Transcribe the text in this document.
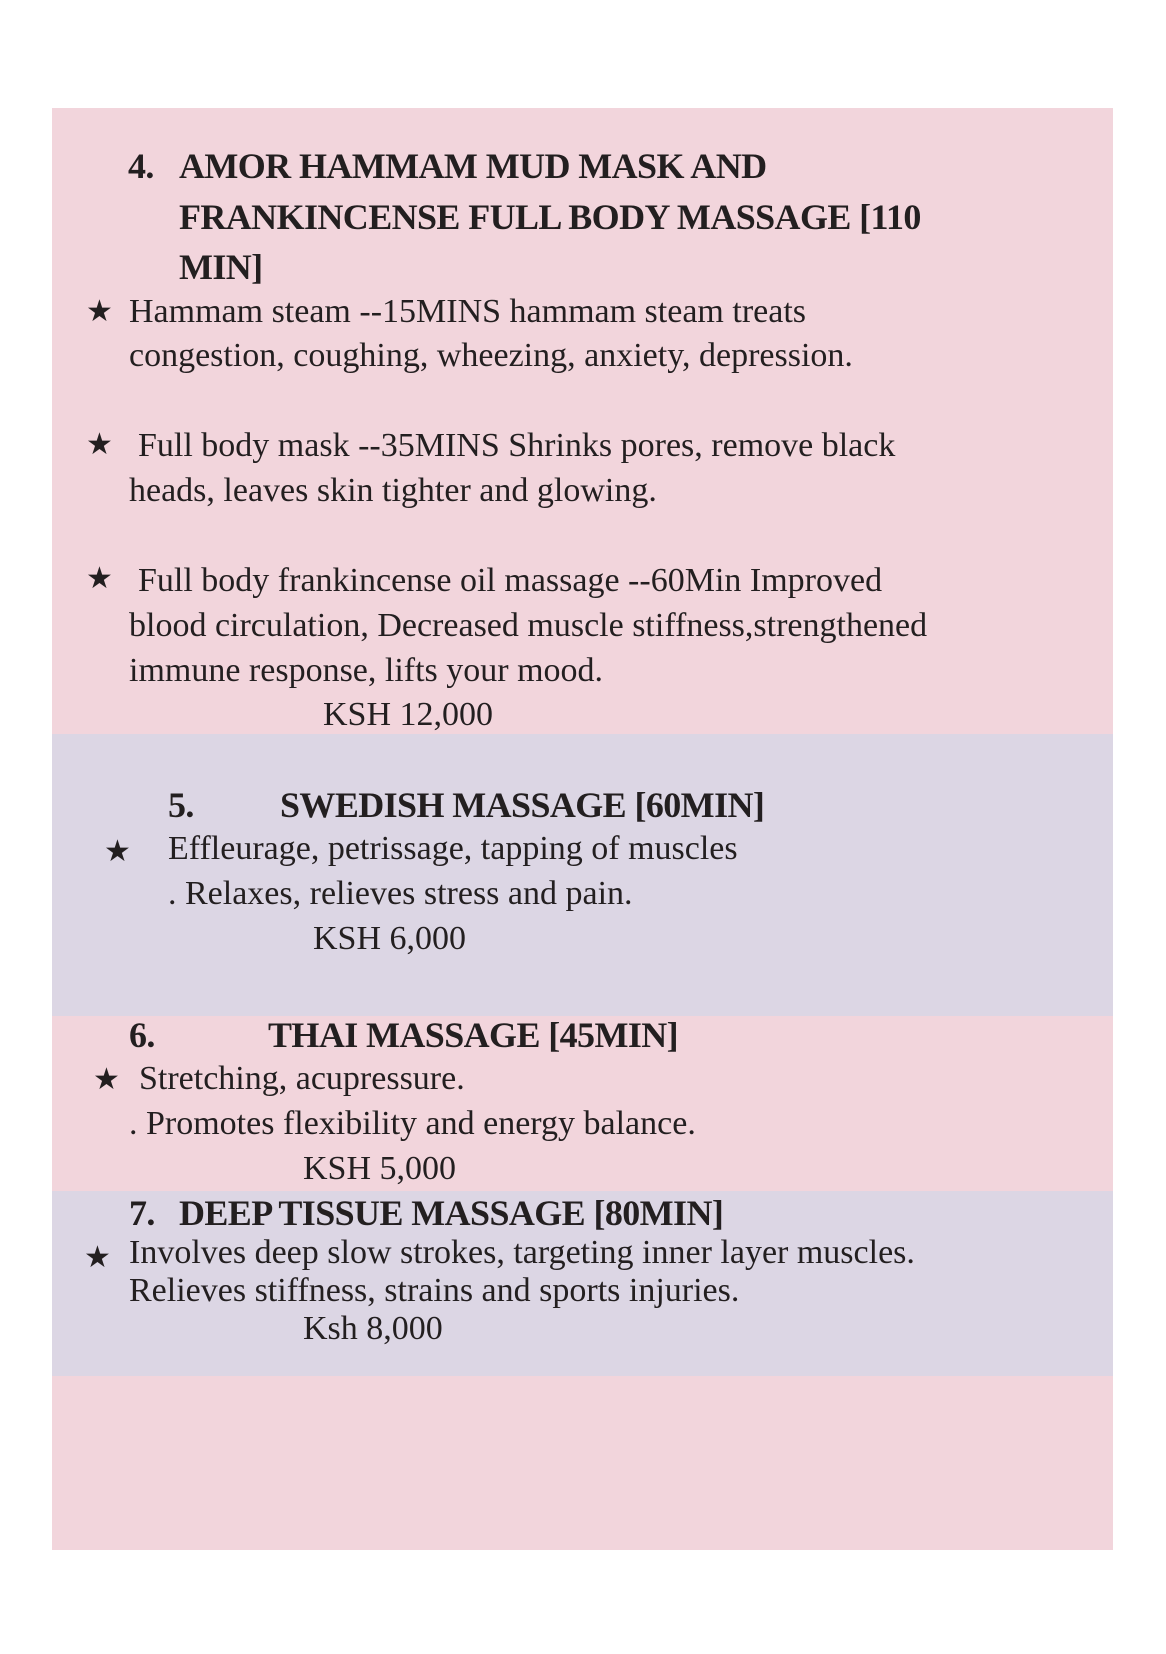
4. AMOR HAMMAM MUD MASK AND
FRANKINCENSE FULL BODY MASSAGE [110
MIN]
★ Hammam steam --15MINS hammam steam treats
congestion, coughing, wheezing, anxiety, depression.
★ Full body mask --35MINS Shrinks pores, remove black
heads, leaves skin tighter and glowing.
★ Full body frankincense oil massage --60Min Improved
blood circulation, Decreased muscle stiffness,strengthened
immune response, lifts your mood.
KSH 12,000
5. SWEDISH MASSAGE [60MIN]
★ Effleurage, petrissage, tapping of muscles
. Relaxes, relieves stress and pain.
KSH 6,000
6.	THAI MASSAGE [45MIN]
★ Stretching, acupressure.
. Promotes flexibility and energy balance.
KSH 5,000
7. DEEP TISSUE MASSAGE [80MIN]
★ Involves deep slow strokes, targeting inner layer muscles.
Relieves stiffness, strains and sports injuries.
Ksh 8,000
